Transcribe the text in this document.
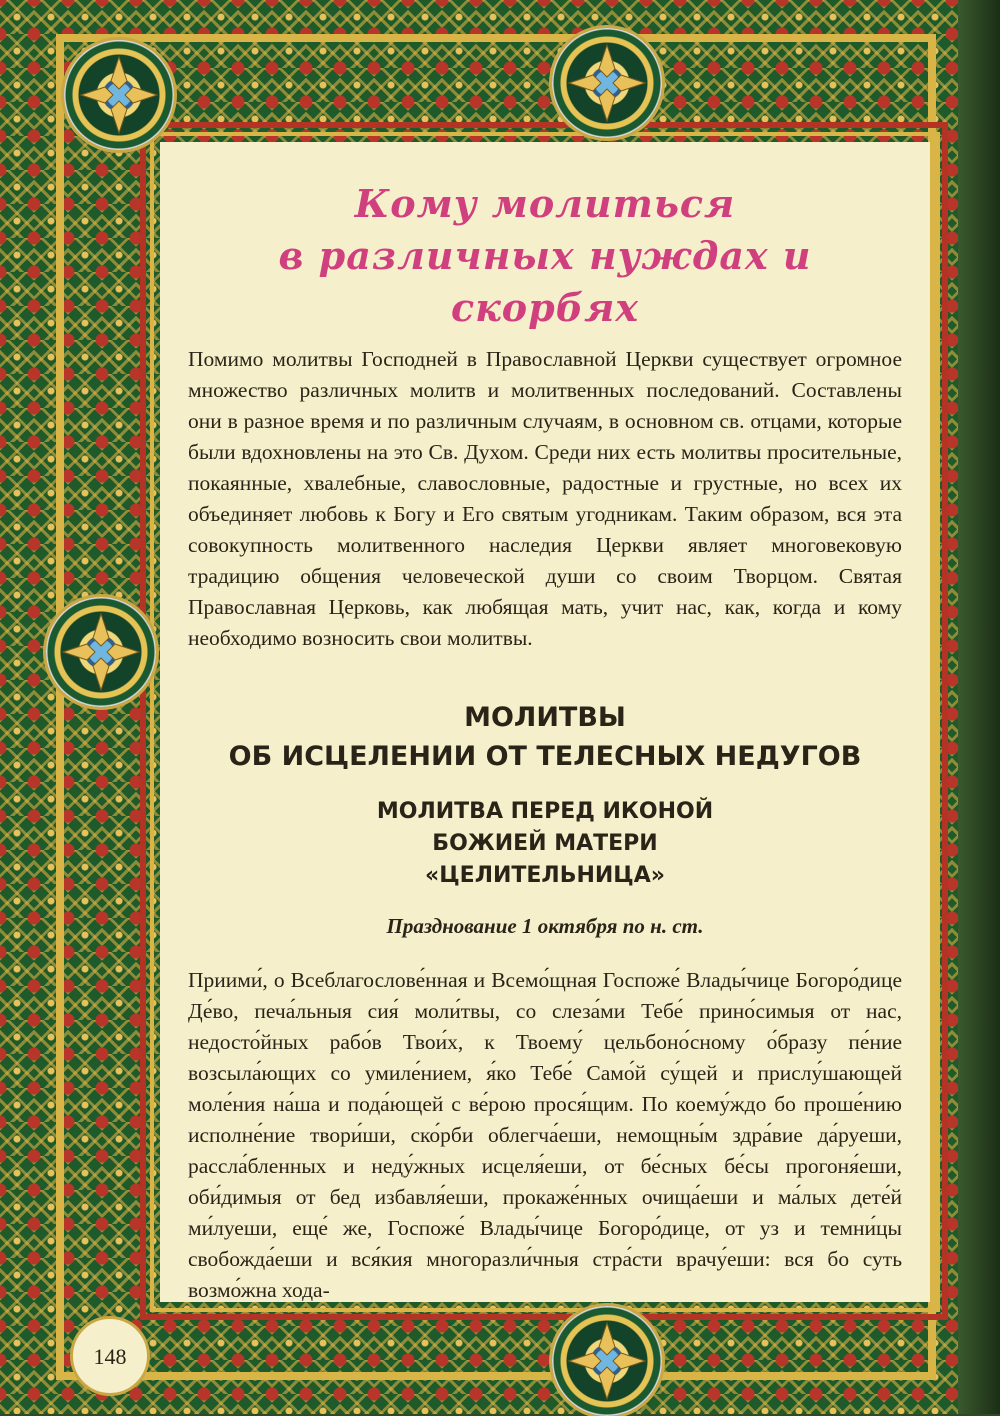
Кому молиться
в различных нуждах и скорбях

Помимо молитвы Господней в Православной Церкви существует огромное множество различных молитв и молитвенных последований. Составлены они в разное время и по различным случаям, в основном св. отцами, которые были вдохновлены на это Св. Духом. Среди них есть молитвы просительные, покаянные, хвалебные, славословные, радостные и грустные, но всех их объединяет любовь к Богу и Его святым угодникам. Таким образом, вся эта совокупность молитвенного наследия Церкви являет многовековую традицию общения человеческой души со своим Творцом. Святая Православная Церковь, как любящая мать, учит нас, как, когда и кому необходимо возносить свои молитвы.

МОЛИТВЫ
ОБ ИСЦЕЛЕНИИ ОТ ТЕЛЕСНЫХ НЕДУГОВ
МОЛИТВА ПЕРЕД ИКОНОЙ
БОЖИЕЙ МАТЕРИ
«ЦЕЛИТЕЛЬНИЦА»

Празднование 1 октября по н. ст.

Приими́, о Всеблагослове́нная и Всемо́щная Госпоже́ Влады́чице Богоро́дице Де́во, печа́льныя сия́ моли́твы, со слеза́ми Тебе́ прино́симыя от нас, недосто́йных рабо́в Твои́х, к Твоему́ цельбоно́сному о́бразу пе́ние возсыла́ющих со умиле́нием, я́ко Тебе́ Само́й су́щей и прислу́шающей моле́ния на́ша и пода́ющей с ве́рою прося́щим. По коему́ждо бо проше́нию исполне́ние твори́ши, ско́рби облегча́еши, немощны́м здра́вие да́руеши, рассла́бленных и неду́жных исцеля́еши, от бе́сных бе́сы прогоня́еши, оби́димыя от бед избавля́еши, прокаже́нных очища́еши и ма́лых дете́й ми́луеши, еще́ же, Госпоже́ Влады́чице Богоро́дице, от уз и темни́цы свобожда́еши и вся́кия многоразли́чныя стра́сти врачу́еши: вся бо суть возмо́жна хода-

148
